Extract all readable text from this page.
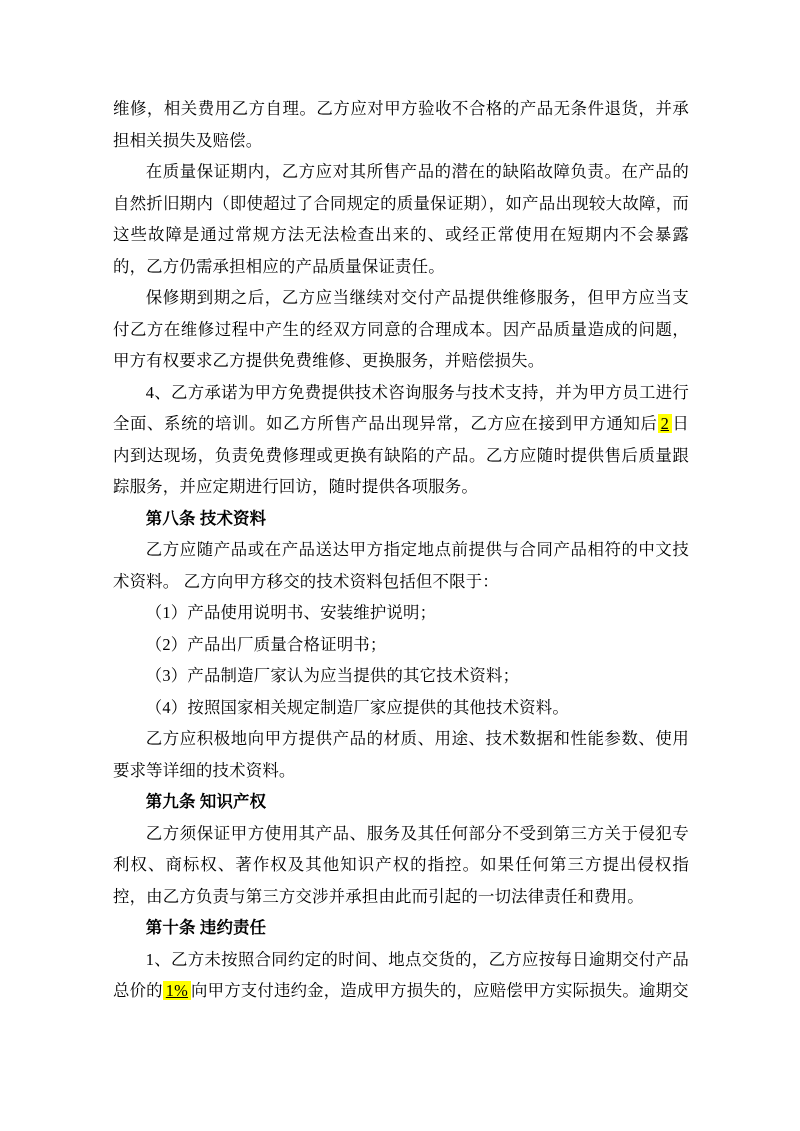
维修，相关费用乙方自理。乙方应对甲方验收不合格的产品无条件退货，并承担相关损失及赔偿。

在质量保证期内，乙方应对其所售产品的潜在的缺陷故障负责。在产品的自然折旧期内（即使超过了合同规定的质量保证期），如产品出现较大故障，而这些故障是通过常规方法无法检查出来的、或经正常使用在短期内不会暴露的，乙方仍需承担相应的产品质量保证责任。

保修期到期之后，乙方应当继续对交付产品提供维修服务，但甲方应当支付乙方在维修过程中产生的经双方同意的合理成本。因产品质量造成的问题，甲方有权要求乙方提供免费维修、更换服务，并赔偿损失。

4、乙方承诺为甲方免费提供技术咨询服务与技术支持，并为甲方员工进行全面、系统的培训。如乙方所售产品出现异常，乙方应在接到甲方通知后 2 日内到达现场，负责免费修理或更换有缺陷的产品。乙方应随时提供售后质量跟踪服务，并应定期进行回访，随时提供各项服务。

第八条 技术资料

乙方应随产品或在产品送达甲方指定地点前提供与合同产品相符的中文技术资料。 乙方向甲方移交的技术资料包括但不限于：

（1）产品使用说明书、安装维护说明；

（2）产品出厂质量合格证明书；

（3）产品制造厂家认为应当提供的其它技术资料；

（4）按照国家相关规定制造厂家应提供的其他技术资料。

乙方应积极地向甲方提供产品的材质、用途、技术数据和性能参数、使用要求等详细的技术资料。

第九条 知识产权

乙方须保证甲方使用其产品、服务及其任何部分不受到第三方关于侵犯专利权、商标权、著作权及其他知识产权的指控。如果任何第三方提出侵权指控，由乙方负责与第三方交涉并承担由此而引起的一切法律责任和费用。

第十条 违约责任

1、乙方未按照合同约定的时间、地点交货的，乙方应按每日逾期交付产品总价的 1% 向甲方支付违约金，造成甲方损失的，应赔偿甲方实际损失。逾期交
